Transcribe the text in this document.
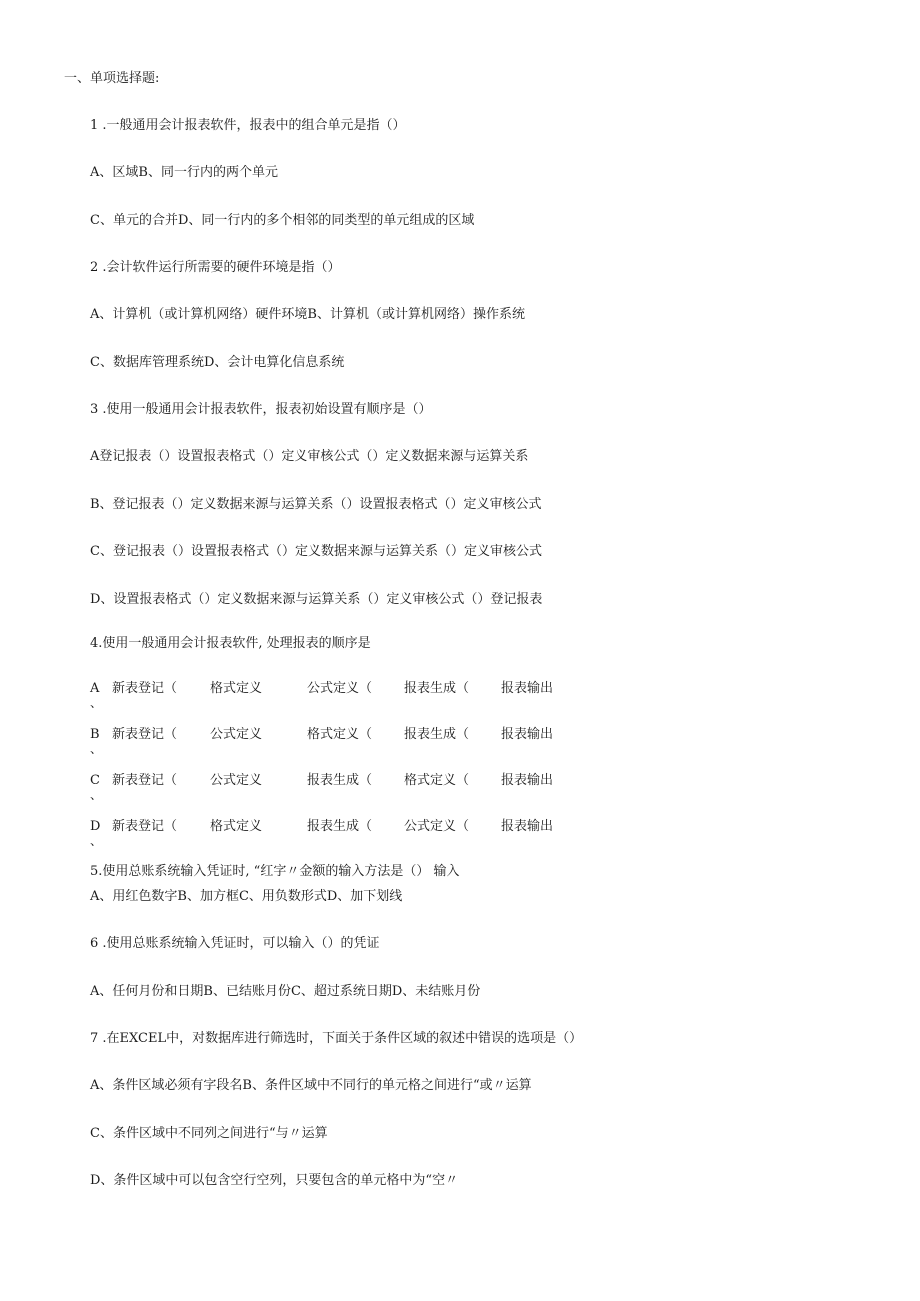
一、单项选择题:
1 .一般通用会计报表软件，报表中的组合单元是指（）
A、区域B、同一行内的两个单元
C、单元的合并D、同一行内的多个相邻的同类型的单元组成的区域
2 .会计软件运行所需要的硬件环境是指（）
A、计算机（或计算机网络）硬件环境B、计算机（或计算机网络）操作系统
C、数据库管理系统D、会计电算化信息系统
3 .使用一般通用会计报表软件，报表初始设置有顺序是（）
A登记报表（）设置报表格式（）定义审核公式（）定义数据来源与运算关系
B、登记报表（）定义数据来源与运算关系（）设置报表格式（）定义审核公式
C、登记报表（）设置报表格式（）定义数据来源与运算关系（）定义审核公式
D、设置报表格式（）定义数据来源与运算关系（）定义审核公式（）登记报表
4.使用一般通用会计报表软件, 处理报表的顺序是
A
、
新表登记（	格式定义	公式定义（ 报表生成（ 报表输出
B
、
新表登记（	公式定义	格式定义（ 报表生成（ 报表输出
C
、
新表登记（	公式定义	报表生成（ 格式定义（ 报表输出
D
、
新表登记（	格式定义	报表生成（ 公式定义（ 报表输出
5.使用总账系统输入凭证时, “红字〃金额的输入方法是（） 输入
A、用红色数字B、加方框C、用负数形式D、加下划线
6 .使用总账系统输入凭证时，可以输入（）的凭证
A、任何月份和日期B、已结账月份C、超过系统日期D、未结账月份
7 .在EXCEL中，对数据库进行筛选时，下面关于条件区域的叙述中错误的选项是（）
A、条件区域必须有字段名B、条件区域中不同行的单元格之间进行“或〃运算
C、条件区域中不同列之间进行“与〃运算
D、条件区域中可以包含空行空列，只要包含的单元格中为“空〃
